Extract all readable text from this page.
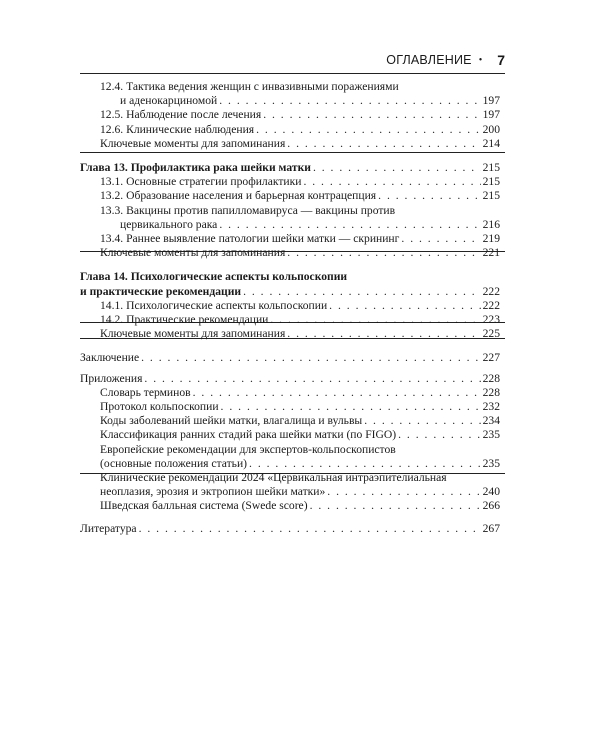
ОГЛАВЛЕНИЕ • 7
12.4. Тактика ведения женщин с инвазивными поражениями
и аденокарциномой . . .	197
12.5. Наблюдение после лечения . . .	197
12.6. Клинические наблюдения . . .	200
Ключевые моменты для запоминания . . .	214
Глава 13. Профилактика рака шейки матки . . .	215
13.1. Основные стратегии профилактики . . .	215
13.2. Образование населения и барьерная контрацепция . . .	215
13.3. Вакцины против папилломавируса — вакцины против
цервикального рака . . .	216
13.4. Раннее выявление патологии шейки матки — скрининг . . .	219
Ключевые моменты для запоминания . . .	221
Глава 14. Психологические аспекты кольпоскопии
и практические рекомендации . . .	222
14.1. Психологические аспекты кольпоскопии . . .	222
14.2. Практические рекомендации . . .	223
Ключевые моменты для запоминания . . .	225
Заключение . . .	227
Приложения . . .	228
Словарь терминов . . .	228
Протокол кольпоскопии . . .	232
Коды заболеваний шейки матки, влагалища и вульвы . . .	234
Классификация ранних стадий рака шейки матки (по FIGO) . . .	235
Европейские рекомендации для экспертов-кольпоскопистов
(основные положения статьи) . . .	235
Клинические рекомендации 2024 «Цервикальная интраэпителиальная
неоплазия, эрозия и эктропион шейки матки» . . .	240
Шведская балльная система (Swede score) . . .	266
Литература . . .	267
